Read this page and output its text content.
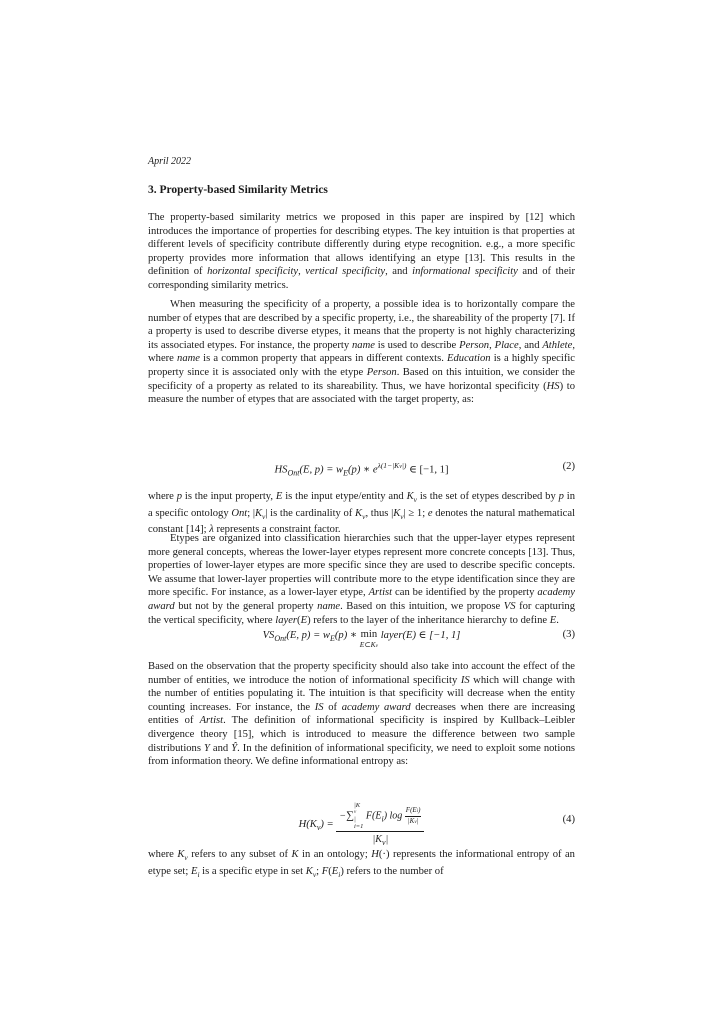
April 2022
3. Property-based Similarity Metrics

The property-based similarity metrics we proposed in this paper are inspired by [12] which introduces the importance of properties for describing etypes. The key intuition is that properties at different levels of specificity contribute differently during etype recognition. e.g., a more specific property provides more information that allows identifying an etype [13]. This results in the definition of horizontal specificity, vertical specificity, and informational specificity and of their corresponding similarity metrics.

When measuring the specificity of a property, a possible idea is to horizontally compare the number of etypes that are described by a specific property, i.e., the shareability of the property [7]. If a property is used to describe diverse etypes, it means that the property is not highly characterizing its associated etypes. For instance, the property name is used to describe Person, Place, and Athlete, where name is a common property that appears in different contexts. Education is a highly specific property since it is associated only with the etype Person. Based on this intuition, we consider the specificity of a property as related to its shareability. Thus, we have horizontal specificity (HS) to measure the number of etypes that are associated with the target property, as:

$HS_{Ont}(E$, $p) = w_E(p)$ ∗ $e^{\lambda(1-|Kv|)}$ ∈ [−1, 1]	(2)

where p is the input property, E is the input etype/entity and $K_v$ is the set of etypes described by p in a specific ontology Ont; $|K_v|$ is the cardinality of $K_v$, thus $|K_v| \ge 1$; e denotes the natural mathematical constant [14]; λ represents a constraint factor.

Etypes are organized into classification hierarchies such that the upper-layer etypes represent more general concepts, whereas the lower-layer etypes represent more concrete concepts [13]. Thus, properties of lower-layer etypes are more specific since they are used to describe specific concepts. We assume that lower-layer properties will contribute more to the etype identification since they are more specific. For instance, as a lower-layer etype, Artist can be identified by the property academy award but not by the general property name. Based on this intuition, we propose VS for capturing the vertical specificity, where layer(E) refers to the layer of the inheritance hierarchy to define E.

$VS_{Ont}(E$, $p) = w_E(p)$ ∗ min
E⊂Kv
layer(E) ∈ [−1, 1]	(3)

Based on the observation that the property specificity should also take into account the effect of the number of entities, we introduce the notion of informational specificity IS which will change with the number of entities populating it. The intuition is that specificity will decrease when the entity counting increases. For instance, the IS of academy award decreases when there are increasing entities of Artist. The definition of informational specificity is inspired by Kullback–Leibler divergence theory [15], which is introduced to measure the difference between two sample distributions Y and Ŷ. In the definition of informational specificity, we need to exploit some notions from information theory. We define informational entropy as:

$H(K_v)$ = −∑
|K
v
|
i=1
$F(E_i)$ $\log \frac{F(Ei)}{|Kv|}$
$|K_v|$	(4)

where $K_v$ refers to any subset of K in an ontology; H(·) represents the informational entropy of an etype set; $E_i$ is a specific etype in set $K_v$; $F(E_i)$ refers to the number of
